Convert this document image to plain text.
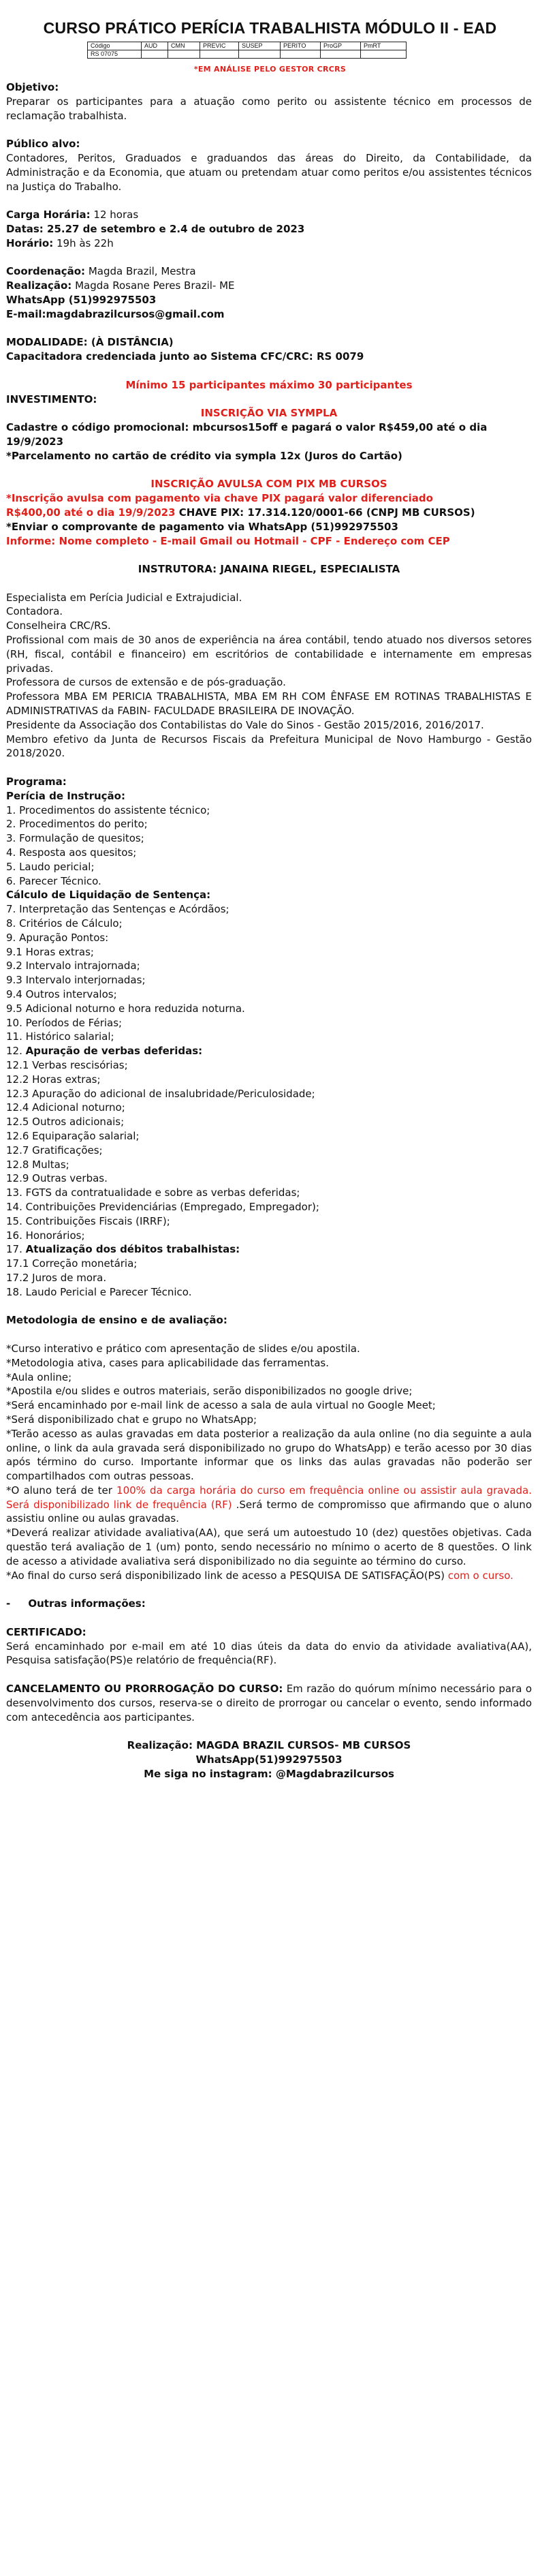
CURSO PRÁTICO PERÍCIA TRABALHISTA MÓDULO II - EAD
Código	AUD	CMN	PREVIC	SUSEP	PERITO	ProGP	PmRT
RS 07075							
*EM ANÁLISE PELO GESTOR CRCRS

Objetivo:

Preparar os participantes para a atuação como perito ou assistente técnico em processos de reclamação trabalhista.

Público alvo:

Contadores, Peritos, Graduados e graduandos das áreas do Direito, da Contabilidade, da Administração e da Economia, que atuam ou pretendam atuar como peritos e/ou assistentes técnicos na Justiça do Trabalho.

Carga Horária: 12 horas

Datas: 25.27 de setembro e 2.4 de outubro de 2023

Horário: 19h às 22h

Coordenação: Magda Brazil, Mestra

Realização: Magda Rosane Peres Brazil- ME

WhatsApp (51)992975503

E-mail:magdabrazilcursos@gmail.com

MODALIDADE: (À DISTÂNCIA)

Capacitadora credenciada junto ao Sistema CFC/CRC: RS 0079

Mínimo 15 participantes máximo 30 participantes

INVESTIMENTO:

INSCRIÇÃO VIA SYMPLA

Cadastre o código promocional: mbcursos15off e pagará o valor R$459,00 até o dia 19/9/2023

*Parcelamento no cartão de crédito via sympla 12x (Juros do Cartão)

INSCRIÇÃO AVULSA COM PIX MB CURSOS

*Inscrição avulsa com pagamento via chave PIX pagará valor diferenciado

R$400,00 até o dia 19/9/2023 CHAVE PIX: 17.314.120/0001-66 (CNPJ MB CURSOS)

*Enviar o comprovante de pagamento via WhatsApp (51)992975503

Informe: Nome completo - E-mail Gmail ou Hotmail - CPF - Endereço com CEP

INSTRUTORA: JANAINA RIEGEL, ESPECIALISTA

Especialista em Perícia Judicial e Extrajudicial.

Contadora.

Conselheira CRC/RS.

Profissional com mais de 30 anos de experiência na área contábil, tendo atuado nos diversos setores (RH, fiscal, contábil e financeiro) em escritórios de contabilidade e internamente em empresas privadas.

Professora de cursos de extensão e de pós-graduação.

Professora MBA EM PERICIA TRABALHISTA, MBA EM RH COM ÊNFASE EM ROTINAS TRABALHISTAS E ADMINISTRATIVAS da FABIN- FACULDADE BRASILEIRA DE INOVAÇÃO.

Presidente da Associação dos Contabilistas do Vale do Sinos - Gestão 2015/2016, 2016/2017.

Membro efetivo da Junta de Recursos Fiscais da Prefeitura Municipal de Novo Hamburgo - Gestão 2018/2020.

Programa:

Perícia de Instrução:

1. Procedimentos do assistente técnico;

2. Procedimentos do perito;

3. Formulação de quesitos;

4. Resposta aos quesitos;

5. Laudo pericial;

6. Parecer Técnico.

Cálculo de Liquidação de Sentença:

7. Interpretação das Sentenças e Acórdãos;

8. Critérios de Cálculo;

9. Apuração Pontos:

9.1 Horas extras;

9.2 Intervalo intrajornada;

9.3 Intervalo interjornadas;

9.4 Outros intervalos;

9.5 Adicional noturno e hora reduzida noturna.

10. Períodos de Férias;

11. Histórico salarial;

12. Apuração de verbas deferidas:

12.1 Verbas rescisórias;

12.2 Horas extras;

12.3 Apuração do adicional de insalubridade/Periculosidade;

12.4 Adicional noturno;

12.5 Outros adicionais;

12.6 Equiparação salarial;

12.7 Gratificações;

12.8 Multas;

12.9 Outras verbas.

13. FGTS da contratualidade e sobre as verbas deferidas;

14. Contribuições Previdenciárias (Empregado, Empregador);

15. Contribuições Fiscais (IRRF);

16. Honorários;

17. Atualização dos débitos trabalhistas:

17.1 Correção monetária;

17.2 Juros de mora.

18. Laudo Pericial e Parecer Técnico.

Metodologia de ensino e de avaliação:

*Curso interativo e prático com apresentação de slides e/ou apostila.

*Metodologia ativa, cases para aplicabilidade das ferramentas.

*Aula online;

*Apostila e/ou slides e outros materiais, serão disponibilizados no google drive;

*Será encaminhado por e-mail link de acesso a sala de aula virtual no Google Meet;

*Será disponibilizado chat e grupo no WhatsApp;

*Terão acesso as aulas gravadas em data posterior a realização da aula online (no dia seguinte a aula online, o link da aula gravada será disponibilizado no grupo do WhatsApp) e terão acesso por 30 dias após término do curso. Importante informar que os links das aulas gravadas não poderão ser compartilhados com outras pessoas.

*O aluno terá de ter 100% da carga horária do curso em frequência online ou assistir aula gravada. Será disponibilizado link de frequência (RF) .Será termo de compromisso que afirmando que o aluno assistiu online ou aulas gravadas.

*Deverá realizar atividade avaliativa(AA), que será um autoestudo 10 (dez) questões objetivas. Cada questão terá avaliação de 1 (um) ponto, sendo necessário no mínimo o acerto de 8 questões. O link de acesso a atividade avaliativa será disponibilizado no dia seguinte ao término do curso.

*Ao final do curso será disponibilizado link de acesso a PESQUISA DE SATISFAÇÃO(PS) com o curso.

- Outras informações:

CERTIFICADO:

Será encaminhado por e-mail em até 10 dias úteis da data do envio da atividade avaliativa(AA), Pesquisa satisfação(PS)e relatório de frequência(RF).

CANCELAMENTO OU PRORROGAÇÃO DO CURSO: Em razão do quórum mínimo necessário para o desenvolvimento dos cursos, reserva-se o direito de prorrogar ou cancelar o evento, sendo informado com antecedência aos participantes.

Realização: MAGDA BRAZIL CURSOS- MB CURSOS

WhatsApp(51)992975503

Me siga no instagram: @Magdabrazilcursos
